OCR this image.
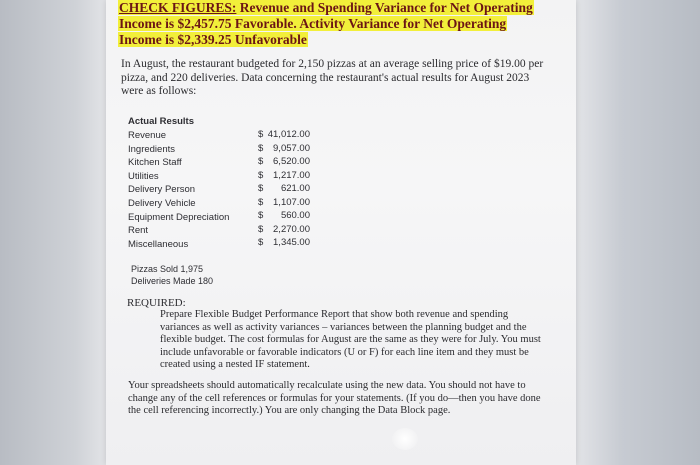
CHECK FIGURES: Revenue and Spending Variance for Net Operating Income is $2,457.75 Favorable. Activity Variance for Net Operating Income is $2,339.25 Unfavorable
In August, the restaurant budgeted for 2,150 pizzas at an average selling price of $19.00 per pizza, and 220 deliveries. Data concerning the restaurant's actual results for August 2023 were as follows:
Actual Results
Revenue
Ingredients
Kitchen Staff
Utilities
Delivery Person
Delivery Vehicle
Equipment Depreciation
Rent
Miscellaneous
$ 41,012.00
$ 9,057.00
$ 6,520.00
$ 1,217.00
$ 621.00
$ 1,107.00
$ 560.00
$ 2,270.00
$ 1,345.00
Pizzas Sold 1,975
Deliveries Made 180
REQUIRED:
Prepare Flexible Budget Performance Report that show both revenue and spending variances as well as activity variances – variances between the planning budget and the flexible budget. The cost formulas for August are the same as they were for July. You must include unfavorable or favorable indicators (U or F) for each line item and they must be created using a nested IF statement.
Your spreadsheets should automatically recalculate using the new data. You should not have to change any of the cell references or formulas for your statements. (If you do—then you have done the cell referencing incorrectly.) You are only changing the Data Block page.
